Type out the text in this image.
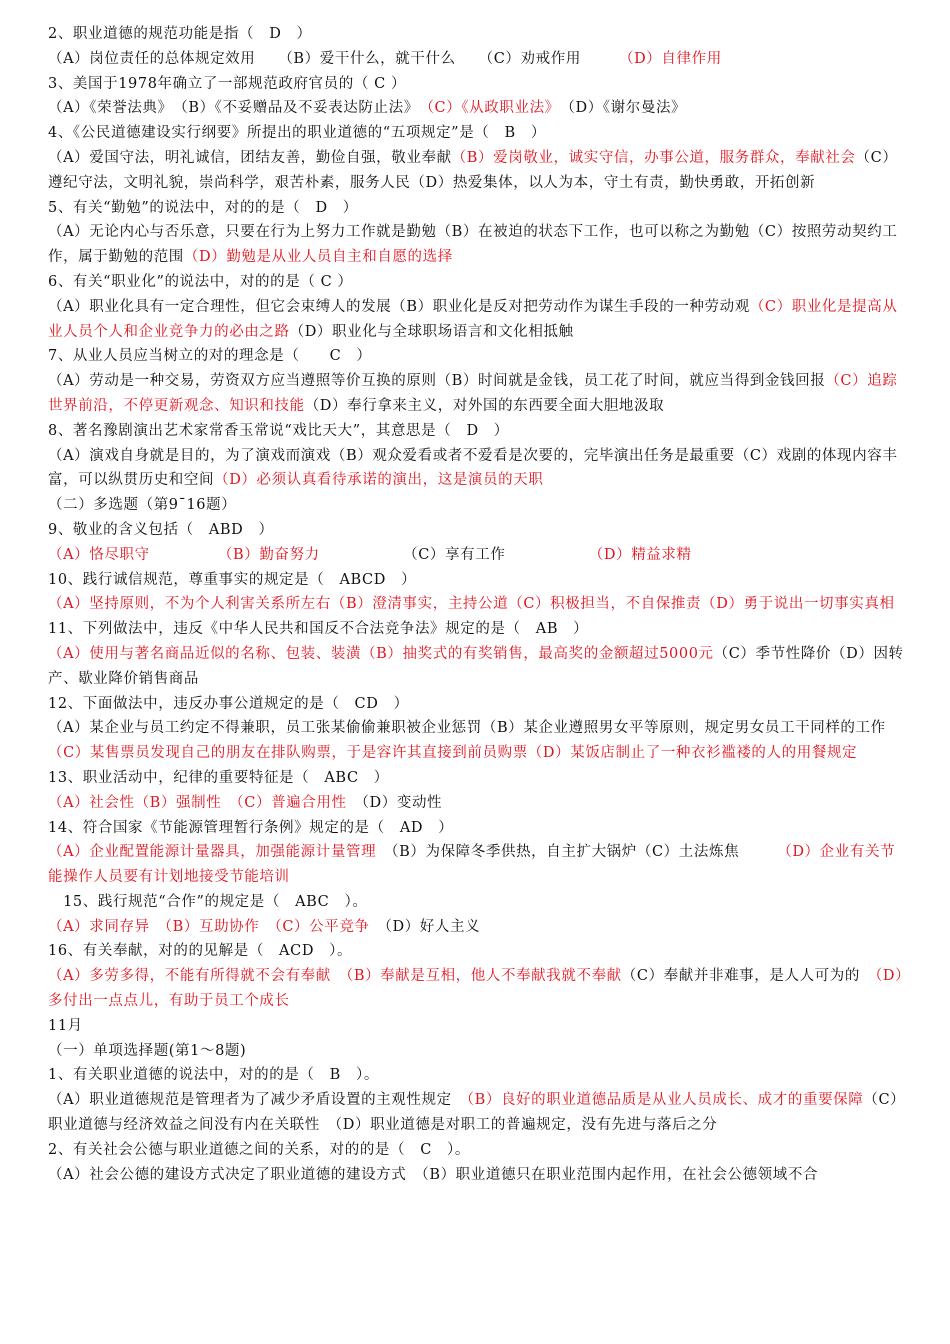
2、职业道德的规范功能是指（　D　）
（A）岗位责任的总体规定效用　　（B）爱干什么，就干什么　　（C）劝戒作用　　　（D）自律作用
3、美国于1978年确立了一部规范政府官员的（ C ）
（A）《荣誉法典》　（B）《不妥赠品及不妥表达防止法》　（C）《从政职业法》　（D）《谢尔曼法》
4、《公民道德建设实行纲要》所提出的职业道德的“五项规定”是（　B　）
（A）爱国守法，明礼诚信，团结友善，勤俭自强，敬业奉献（B）爱岗敬业，诚实守信，办事公道，服务群众，奉献社会（C）遵纪守法，文明礼貌，崇尚科学，艰苦朴素，服务人民（D）热爱集体，以人为本，守土有责，勤快勇敢，开拓创新
5、有关“勤勉”的说法中，对的的是（　D　）
（A）无论内心与否乐意，只要在行为上努力工作就是勤勉（B）在被迫的状态下工作，也可以称之为勤勉（C）按照劳动契约工作，属于勤勉的范围（D）勤勉是从业人员自主和自愿的选择
6、有关“职业化”的说法中，对的的是（ C ）
（A）职业化具有一定合理性，但它会束缚人的发展（B）职业化是反对把劳动作为谋生手段的一种劳动观（C）职业化是提高从业人员个人和企业竞争力的必由之路（D）职业化与全球职场语言和文化相抵触
7、从业人员应当树立的对的理念是（　　C　）
（A）劳动是一种交易，劳资双方应当遵照等价互换的原则（B）时间就是金钱，员工花了时间，就应当得到金钱回报（C）追踪世界前沿，不停更新观念、知识和技能（D）奉行拿来主义，对外国的东西要全面大胆地汲取
8、著名豫剧演出艺术家常香玉常说“戏比天大”，其意思是（　D　）
（A）演戏自身就是目的，为了演戏而演戏（B）观众爱看或者不爱看是次要的，完毕演出任务是最重要（C）戏剧的体现内容丰富，可以纵贯历史和空间（D）必须认真看待承诺的演出，这是演员的天职
（二）多选题（第9¯16题）
9、敬业的含义包括（　ABD　）
（A）恪尽职守　　　　　	（B）勤奋努力　　　　　　（C）享有工作　　　　　　（D）精益求精
10、践行诚信规范，尊重事实的规定是（　ABCD　）
（A）坚持原则，不为个人利害关系所左右（B）澄清事实，主持公道（C）积极担当，不自保推责（D）勇于说出一切事实真相
11、下列做法中，违反《中华人民共和国反不合法竞争法》规定的是（　AB　）
（A）使用与著名商品近似的名称、包装、装潢（B）抽奖式的有奖销售，最高奖的金额超过5000元（C）季节性降价（D）因转产、歇业降价销售商品
12、下面做法中，违反办事公道规定的是（　CD　）
（A）某企业与员工约定不得兼职，员工张某偷偷兼职被企业惩罚（B）某企业遵照男女平等原则，规定男女员工干同样的工作（C）某售票员发现自己的朋友在排队购票，于是容许其直接到前员购票（D）某饭店制止了一种衣衫褴褛的人的用餐规定
13、职业活动中，纪律的重要特征是（　ABC　）
（A）社会性（B）强制性　（C）普遍合用性　（D）变动性
14、符合国家《节能源管理暂行条例》规定的是（　AD　）
（A）企业配置能源计量器具，加强能源计量管理　（B）为保障冬季供热，自主扩大锅炉（C）土法炼焦　　　（D）企业有关节能操作人员要有计划地接受节能培训
　15、践行规范“合作”的规定是（　ABC　）。
（A）求同存异　（B）互助协作　（C）公平竞争　（D）好人主义
16、有关奉献，对的的见解是（　ACD　）。
（A）多劳多得，不能有所得就不会有奉献　（B）奉献是互相，他人不奉献我就不奉献（C）奉献并非难事，是人人可为的　（D）多付出一点点儿，有助于员工个成长
11月
（一）单项选择题(第1～8题)
1、有关职业道德的说法中，对的的是（　B　）。
（A）职业道德规范是管理者为了减少矛盾设置的主观性规定　（B）良好的职业道德品质是从业人员成长、成才的重要保障（C）职业道德与经济效益之间没有内在关联性　（D）职业道德是对职工的普遍规定，没有先进与落后之分
2、有关社会公德与职业道德之间的关系，对的的是（　C　）。
（A）社会公德的建设方式决定了职业道德的建设方式　（B）职业道德只在职业范围内起作用，在社会公德领域不合
